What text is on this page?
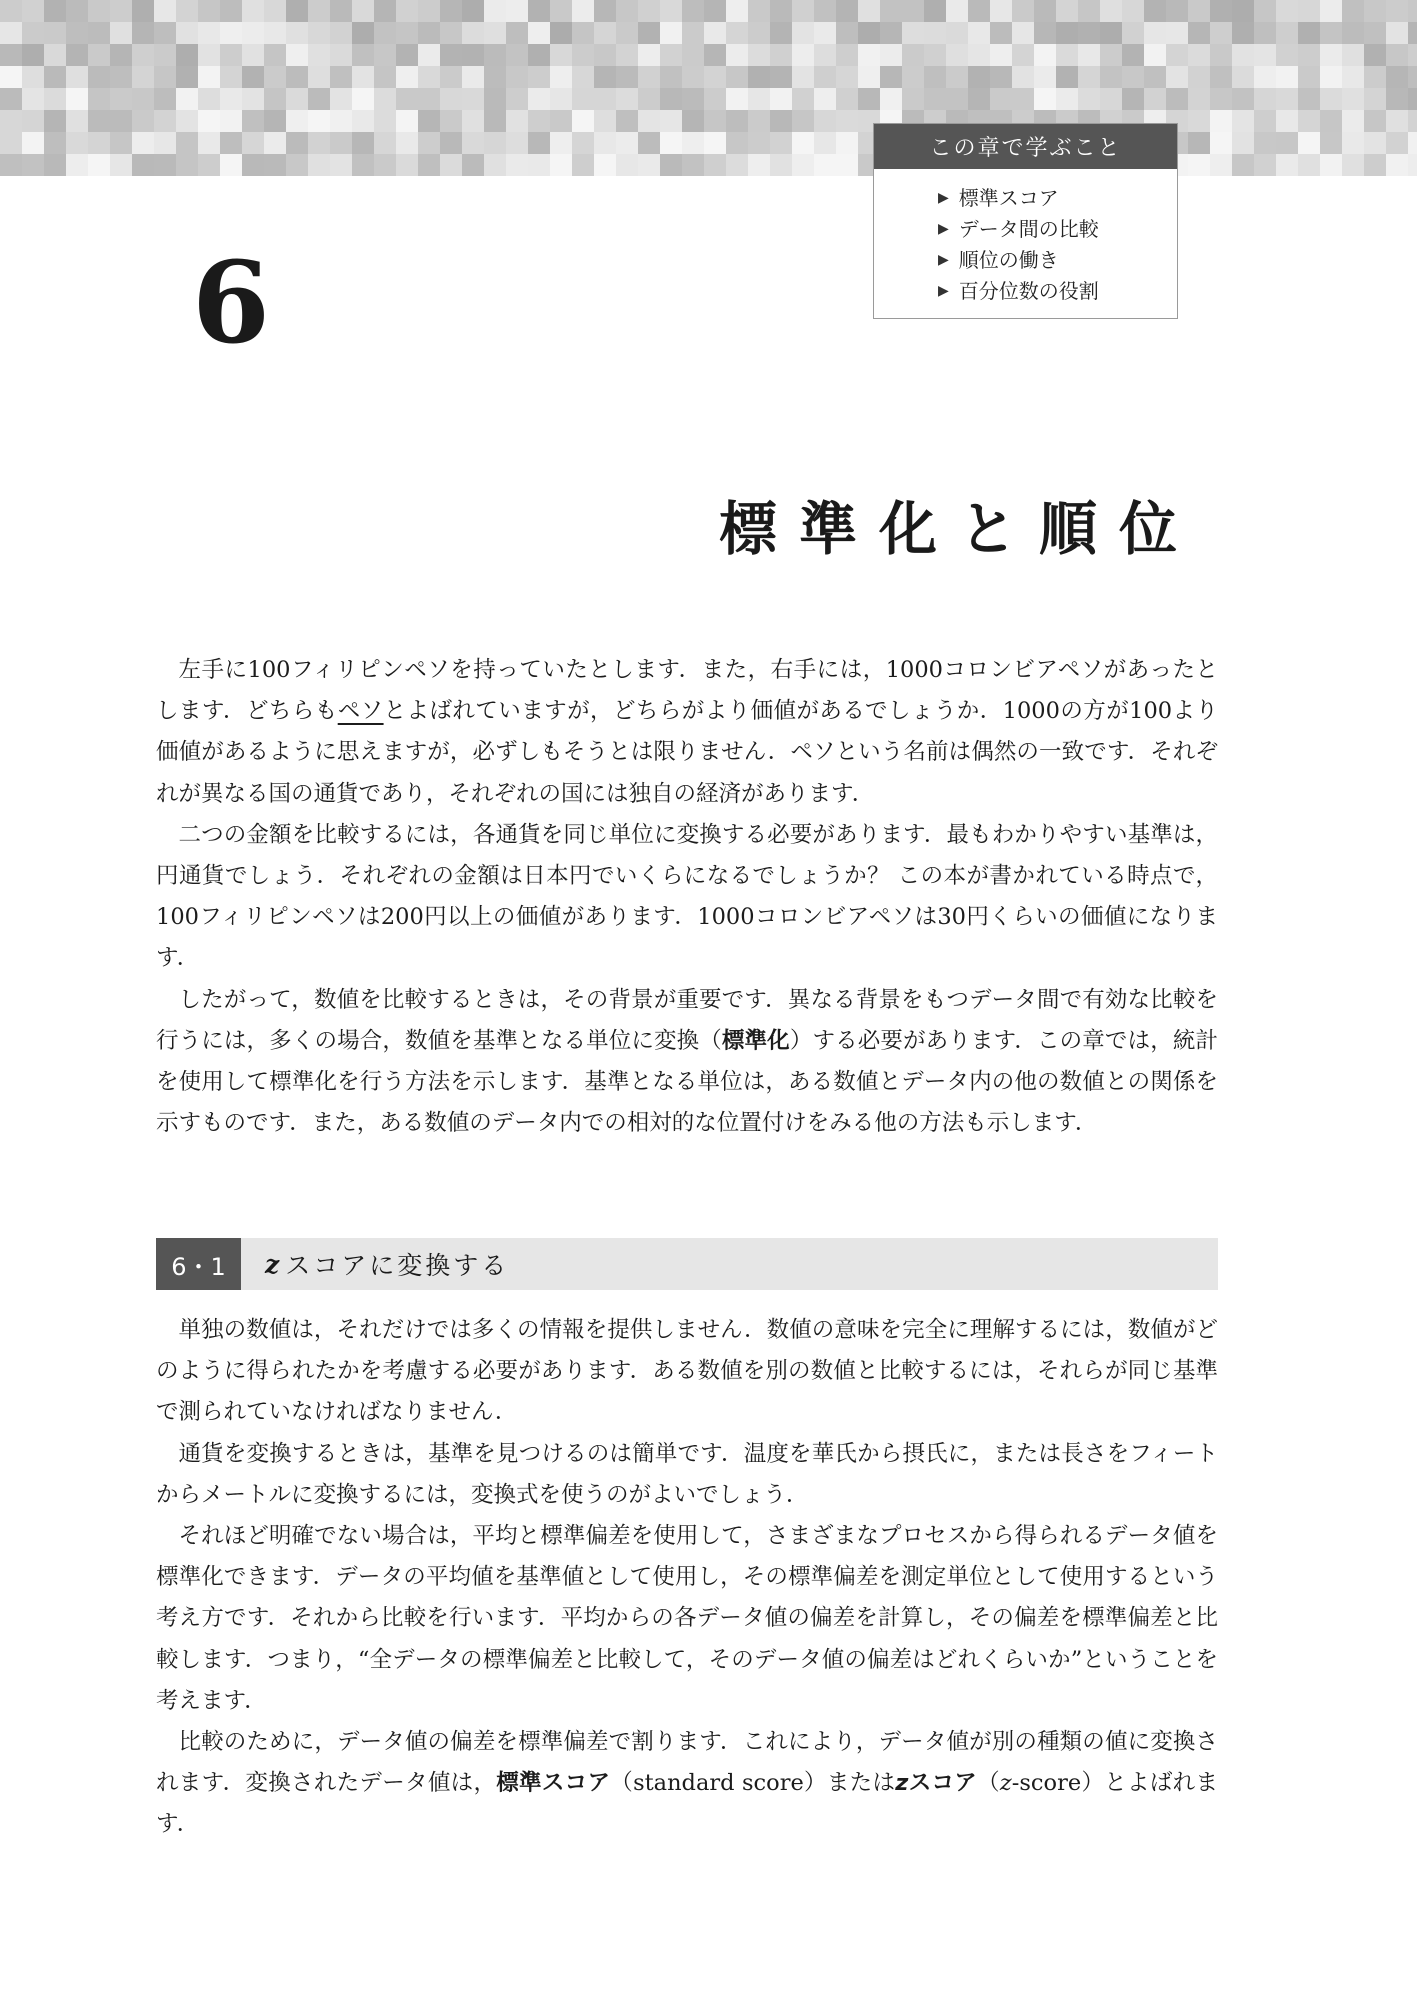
6
この章で学ぶこと
▶ 標準スコア
▶ データ間の比較
▶ 順位の働き
▶ 百分位数の役割
標準化と順位

左手に100フィリピンペソを持っていたとします．また，右手には，1000コロンビアペソがあったとします．どちらもペソとよばれていますが，どちらがより価値があるでしょうか．1000の方が100より価値があるように思えますが，必ずしもそうとは限りません．ペソという名前は偶然の一致です．それぞれが異なる国の通貨であり，それぞれの国には独自の経済があります．

二つの金額を比較するには，各通貨を同じ単位に変換する必要があります．最もわかりやすい基準は，円通貨でしょう．それぞれの金額は日本円でいくらになるでしょうか？ この本が書かれている時点で，100フィリピンペソは200円以上の価値があります．1000コロンビアペソは30円くらいの価値になります．

したがって，数値を比較するときは，その背景が重要です．異なる背景をもつデータ間で有効な比較を行うには，多くの場合，数値を基準となる単位に変換（標準化）する必要があります．この章では，統計を使用して標準化を行う方法を示します．基準となる単位は，ある数値とデータ内の他の数値との関係を示すものです．また，ある数値のデータ内での相対的な位置付けをみる他の方法も示します．

6・1	z スコアに変換する

単独の数値は，それだけでは多くの情報を提供しません．数値の意味を完全に理解するには，数値がどのように得られたかを考慮する必要があります．ある数値を別の数値と比較するには，それらが同じ基準で測られていなければなりません．

通貨を変換するときは，基準を見つけるのは簡単です．温度を華氏から摂氏に，または長さをフィートからメートルに変換するには，変換式を使うのがよいでしょう．

それほど明確でない場合は，平均と標準偏差を使用して，さまざまなプロセスから得られるデータ値を標準化できます．データの平均値を基準値として使用し，その標準偏差を測定単位として使用するという考え方です．それから比較を行います．平均からの各データ値の偏差を計算し，その偏差を標準偏差と比較します．つまり，“全データの標準偏差と比較して，そのデータ値の偏差はどれくらいか”ということを考えます．

比較のために，データ値の偏差を標準偏差で割ります．これにより，データ値が別の種類の値に変換されます．変換されたデータ値は，標準スコア（standard score）またはzスコア（z-score）とよばれます．
